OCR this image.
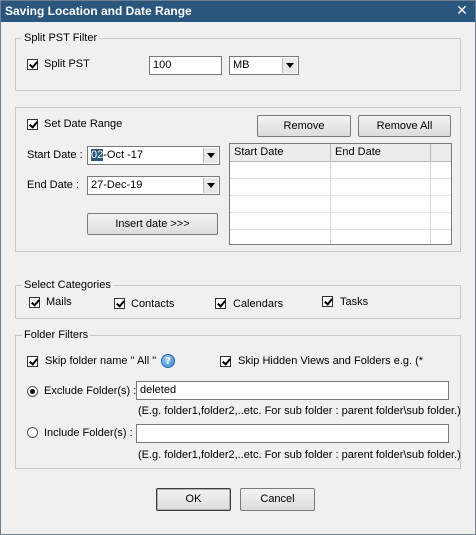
Saving Location and Date Range	✕
Split PST Filter
Split PST	100	MB
Set Date Range	Remove	Remove All
Start Date : 02-Oct -17
End Date :	27-Dec-19
Insert date >>>
Start Date	End Date
Select Categories
Mails	Contacts	Calendars	Tasks
Folder Filters
Skip folder name " All " ?	Skip Hidden Views and Folders e.g. (*
Exclude Folder(s) : deleted
(E.g. folder1,folder2,..etc. For sub folder : parent folder\sub folder.)
Include Folder(s) :
(E.g. folder1,folder2,..etc. For sub folder : parent folder\sub folder.)
OK	Cancel
